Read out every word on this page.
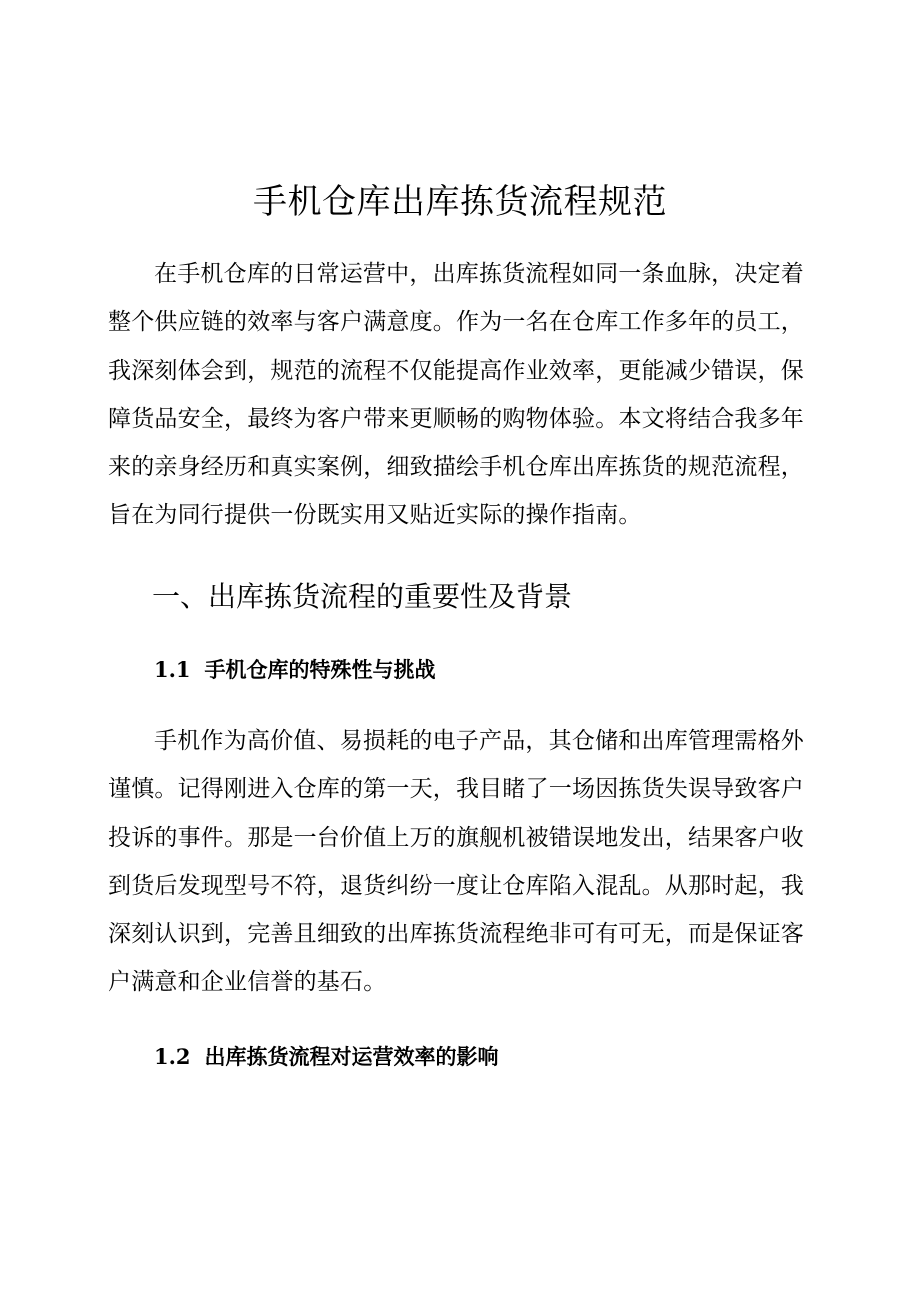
手机仓库出库拣货流程规范

在手机仓库的日常运营中，出库拣货流程如同一条血脉，决定着整个供应链的效率与客户满意度。作为一名在仓库工作多年的员工，我深刻体会到，规范的流程不仅能提高作业效率，更能减少错误，保障货品安全，最终为客户带来更顺畅的购物体验。本文将结合我多年来的亲身经历和真实案例，细致描绘手机仓库出库拣货的规范流程，旨在为同行提供一份既实用又贴近实际的操作指南。

一、出库拣货流程的重要性及背景
1.1 手机仓库的特殊性与挑战

手机作为高价值、易损耗的电子产品，其仓储和出库管理需格外谨慎。记得刚进入仓库的第一天，我目睹了一场因拣货失误导致客户投诉的事件。那是一台价值上万的旗舰机被错误地发出，结果客户收到货后发现型号不符，退货纠纷一度让仓库陷入混乱。从那时起，我深刻认识到，完善且细致的出库拣货流程绝非可有可无，而是保证客户满意和企业信誉的基石。

1.2 出库拣货流程对运营效率的影响
